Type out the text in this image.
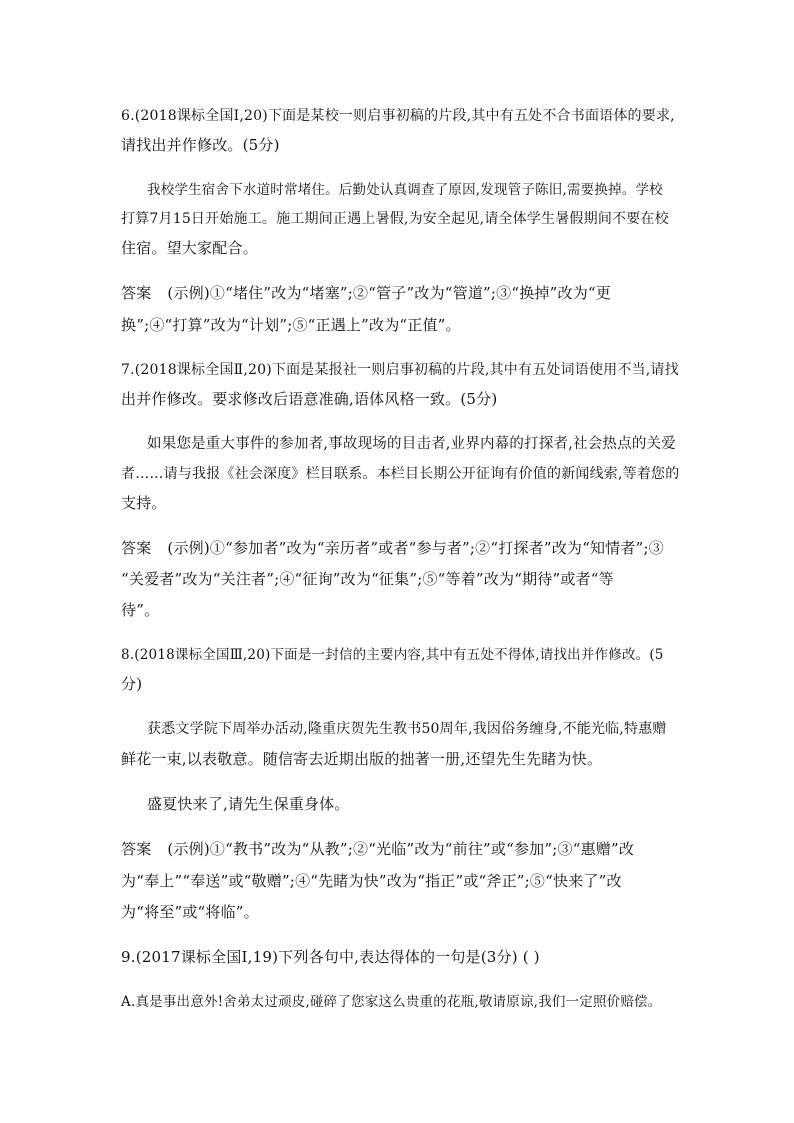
6.(2018课标全国Ⅰ,20)下面是某校一则启事初稿的片段,其中有五处不合书面语体的要求,
请找出并作修改。(5分)
我校学生宿舍下水道时常堵住。后勤处认真调查了原因,发现管子陈旧,需要换掉。学校
打算7月15日开始施工。施工期间正遇上暑假,为安全起见,请全体学生暑假期间不要在校
住宿。望大家配合。
答案 (示例)①“堵住”改为“堵塞”;②“管子”改为“管道”;③“换掉”改为“更
换”;④“打算”改为“计划”;⑤“正遇上”改为“正值”。
7.(2018课标全国Ⅱ,20)下面是某报社一则启事初稿的片段,其中有五处词语使用不当,请找
出并作修改。要求修改后语意准确,语体风格一致。(5分)
如果您是重大事件的参加者,事故现场的目击者,业界内幕的打探者,社会热点的关爱
者……请与我报《社会深度》栏目联系。本栏目长期公开征询有价值的新闻线索,等着您的
支持。
答案 (示例)①“参加者”改为“亲历者”或者“参与者”;②“打探者”改为“知情者”;③
“关爱者”改为“关注者”;④“征询”改为“征集”;⑤“等着”改为“期待”或者“等
待”。
8.(2018课标全国Ⅲ,20)下面是一封信的主要内容,其中有五处不得体,请找出并作修改。(5
分)
获悉文学院下周举办活动,隆重庆贺先生教书50周年,我因俗务缠身,不能光临,特惠赠
鲜花一束,以表敬意。随信寄去近期出版的拙著一册,还望先生先睹为快。
盛夏快来了,请先生保重身体。
答案 (示例)①“教书”改为“从教”;②“光临”改为“前往”或“参加”;③“惠赠”改
为“奉上”“奉送”或“敬赠”;④“先睹为快”改为“指正”或“斧正”;⑤“快来了”改
为“将至”或“将临”。
9.(2017课标全国Ⅰ,19)下列各句中,表达得体的一句是(3分) ( )
A.真是事出意外!舍弟太过顽皮,碰碎了您家这么贵重的花瓶,敬请原谅,我们一定照价赔偿。
